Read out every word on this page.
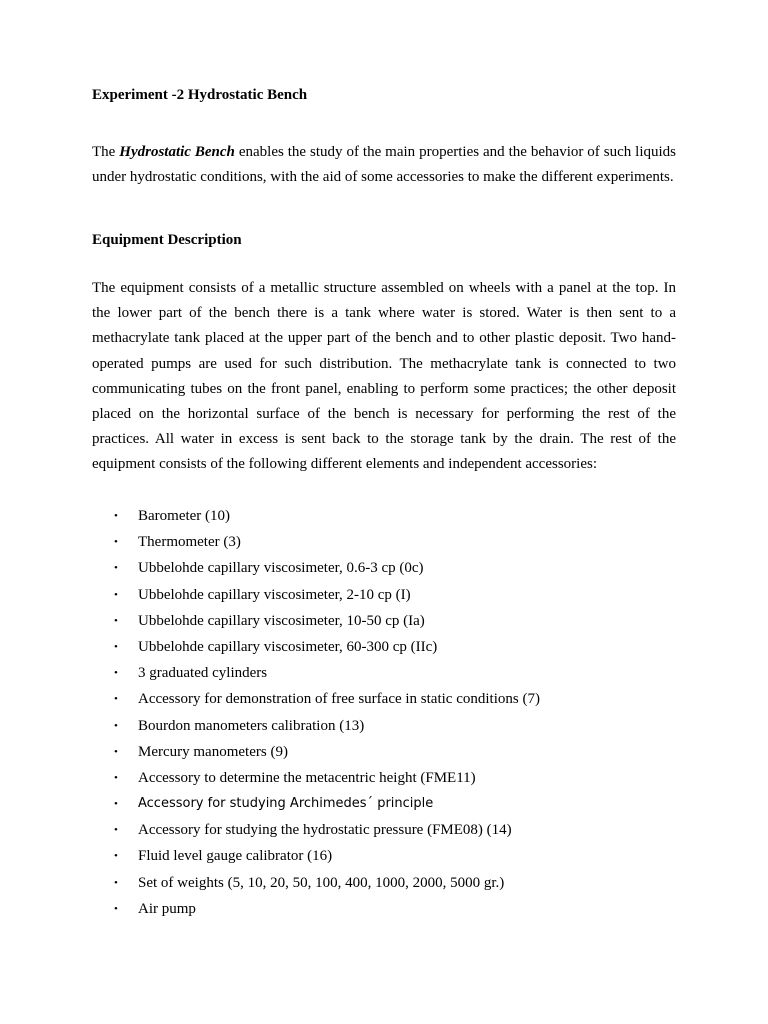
Experiment -2 Hydrostatic Bench

The Hydrostatic Bench enables the study of the main properties and the behavior of such liquids under hydrostatic conditions, with the aid of some accessories to make the different experiments.

Equipment Description

The equipment consists of a metallic structure assembled on wheels with a panel at the top. In the lower part of the bench there is a tank where water is stored. Water is then sent to a methacrylate tank placed at the upper part of the bench and to other plastic deposit. Two hand-operated pumps are used for such distribution. The methacrylate tank is connected to two communicating tubes on the front panel, enabling to perform some practices; the other deposit placed on the horizontal surface of the bench is necessary for performing the rest of the practices. All water in excess is sent back to the storage tank by the drain. The rest of the equipment consists of the following different elements and independent accessories:

• Barometer (10)
• Thermometer (3)
• Ubbelohde capillary viscosimeter, 0.6-3 cp (0c)
• Ubbelohde capillary viscosimeter, 2-10 cp (I)
• Ubbelohde capillary viscosimeter, 10-50 cp (Ia)
• Ubbelohde capillary viscosimeter, 60-300 cp (IIc)
• 3 graduated cylinders
• Accessory for demonstration of free surface in static conditions (7)
• Bourdon manometers calibration (13)
• Mercury manometers (9)
• Accessory to determine the metacentric height (FME11)
• Accessory for studying Archimedes´ principle
• Accessory for studying the hydrostatic pressure (FME08) (14)
• Fluid level gauge calibrator (16)
• Set of weights (5, 10, 20, 50, 100, 400, 1000, 2000, 5000 gr.)
• Air pump
